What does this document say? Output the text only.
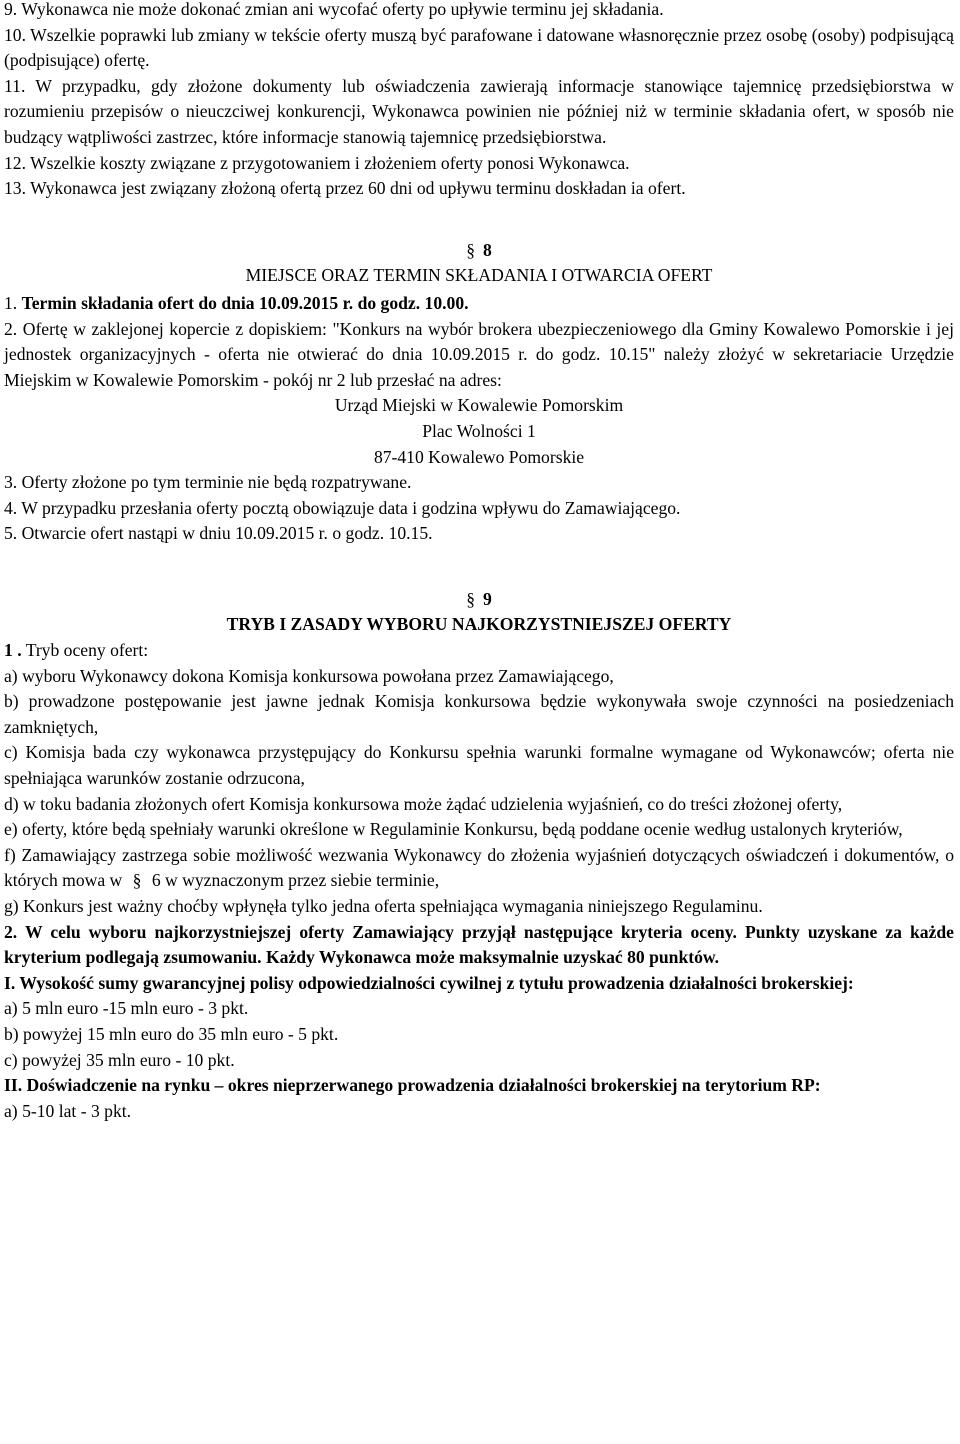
9. Wykonawca nie może dokonać zmian ani wycofać oferty po upływie terminu jej składania.

10. Wszelkie poprawki lub zmiany w tekście oferty muszą być parafowane i datowane własnoręcznie przez osobę (osoby) podpisującą (podpisujące) ofertę.

11. W przypadku, gdy złożone dokumenty lub oświadczenia zawierają informacje stanowiące tajemnicę przedsiębiorstwa w rozumieniu przepisów o nieuczciwej konkurencji, Wykonawca powinien nie później niż w terminie składania ofert, w sposób nie budzący wątpliwości zastrzec, które informacje stanowią tajemnicę przedsiębiorstwa.

12. Wszelkie koszty związane z przygotowaniem i złożeniem oferty ponosi Wykonawca.

13. Wykonawca jest związany złożoną ofertą przez 60 dni od upływu terminu doskładan ia ofert.

§ 8

MIEJSCE ORAZ TERMIN SKŁADANIA I OTWARCIA OFERT

1. Termin składania ofert do dnia 10.09.2015 r. do godz. 10.00.

2. Ofertę w zaklejonej kopercie z dopiskiem: "Konkurs na wybór brokera ubezpieczeniowego dla Gminy Kowalewo Pomorskie i jej jednostek organizacyjnych - oferta nie otwierać do dnia 10.09.2015 r. do godz. 10.15" należy złożyć w sekretariacie Urzędzie Miejskim w Kowalewie Pomorskim - pokój nr 2 lub przesłać na adres:

Urząd Miejski w Kowalewie Pomorskim

Plac Wolności 1

87-410 Kowalewo Pomorskie

3. Oferty złożone po tym terminie nie będą rozpatrywane.

4. W przypadku przesłania oferty pocztą obowiązuje data i godzina wpływu do Zamawiającego.

5. Otwarcie ofert nastąpi w dniu 10.09.2015 r. o godz. 10.15.

§ 9

TRYB I ZASADY WYBORU NAJKORZYSTNIEJSZEJ OFERTY

1 . Tryb oceny ofert:

a) wyboru Wykonawcy dokona Komisja konkursowa powołana przez Zamawiającego,

b) prowadzone postępowanie jest jawne jednak Komisja konkursowa będzie wykonywała swoje czynności na posiedzeniach zamkniętych,

c) Komisja bada czy wykonawca przystępujący do Konkursu spełnia warunki formalne wymagane od Wykonawców; oferta nie spełniająca warunków zostanie odrzucona,

d) w toku badania złożonych ofert Komisja konkursowa może żądać udzielenia wyjaśnień, co do treści złożonej oferty,

e) oferty, które będą spełniały warunki określone w Regulaminie Konkursu, będą poddane ocenie według ustalonych kryteriów,

f) Zamawiający zastrzega sobie możliwość wezwania Wykonawcy do złożenia wyjaśnień dotyczących oświadczeń i dokumentów, o których mowa w § 6 w wyznaczonym przez siebie terminie,

g) Konkurs jest ważny choćby wpłynęła tylko jedna oferta spełniająca wymagania niniejszego Regulaminu.

2. W celu wyboru najkorzystniejszej oferty Zamawiający przyjął następujące kryteria oceny. Punkty uzyskane za każde kryterium podlegają zsumowaniu. Każdy Wykonawca może maksymalnie uzyskać 80 punktów.

I. Wysokość sumy gwarancyjnej polisy odpowiedzialności cywilnej z tytułu prowadzenia działalności brokerskiej:

a) 5 mln euro -15 mln euro - 3 pkt.

b) powyżej 15 mln euro do 35 mln euro - 5 pkt.

c) powyżej 35 mln euro - 10 pkt.

II. Doświadczenie na rynku – okres nieprzerwanego prowadzenia działalności brokerskiej na terytorium RP:

a) 5-10 lat - 3 pkt.
